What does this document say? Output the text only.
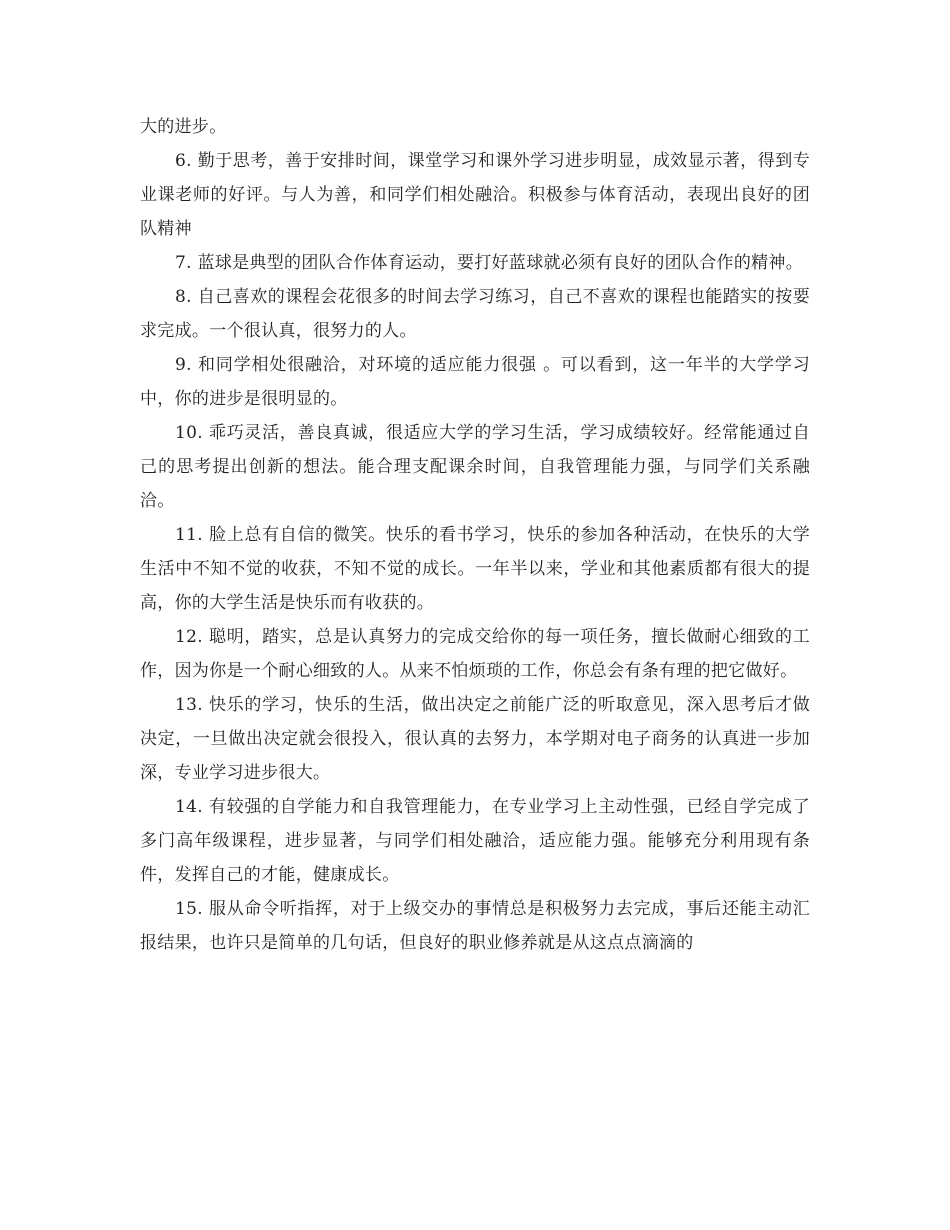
大的进步。

6. 勤于思考，善于安排时间，课堂学习和课外学习进步明显，成效显示著，得到专业课老师的好评。与人为善，和同学们相处融洽。积极参与体育活动，表现出良好的团队精神

7. 蓝球是典型的团队合作体育运动，要打好蓝球就必须有良好的团队合作的精神。

8. 自己喜欢的课程会花很多的时间去学习练习，自己不喜欢的课程也能踏实的按要求完成。一个很认真，很努力的人。

9. 和同学相处很融洽，对环境的适应能力很强 。可以看到，这一年半的大学学习中，你的进步是很明显的。

10. 乖巧灵活，善良真诚，很适应大学的学习生活，学习成绩较好。经常能通过自己的思考提出创新的想法。能合理支配课余时间，自我管理能力强，与同学们关系融洽。

11. 脸上总有自信的微笑。快乐的看书学习，快乐的参加各种活动，在快乐的大学生活中不知不觉的收获，不知不觉的成长。一年半以来，学业和其他素质都有很大的提高，你的大学生活是快乐而有收获的。

12. 聪明，踏实，总是认真努力的完成交给你的每一项任务，擅长做耐心细致的工作，因为你是一个耐心细致的人。从来不怕烦琐的工作，你总会有条有理的把它做好。

13. 快乐的学习，快乐的生活，做出决定之前能广泛的听取意见，深入思考后才做决定，一旦做出决定就会很投入，很认真的去努力，本学期对电子商务的认真进一步加深，专业学习进步很大。

14. 有较强的自学能力和自我管理能力，在专业学习上主动性强，已经自学完成了多门高年级课程，进步显著，与同学们相处融洽，适应能力强。能够充分利用现有条件，发挥自己的才能，健康成长。

15. 服从命令听指挥，对于上级交办的事情总是积极努力去完成，事后还能主动汇报结果，也许只是简单的几句话，但良好的职业修养就是从这点点滴滴的
